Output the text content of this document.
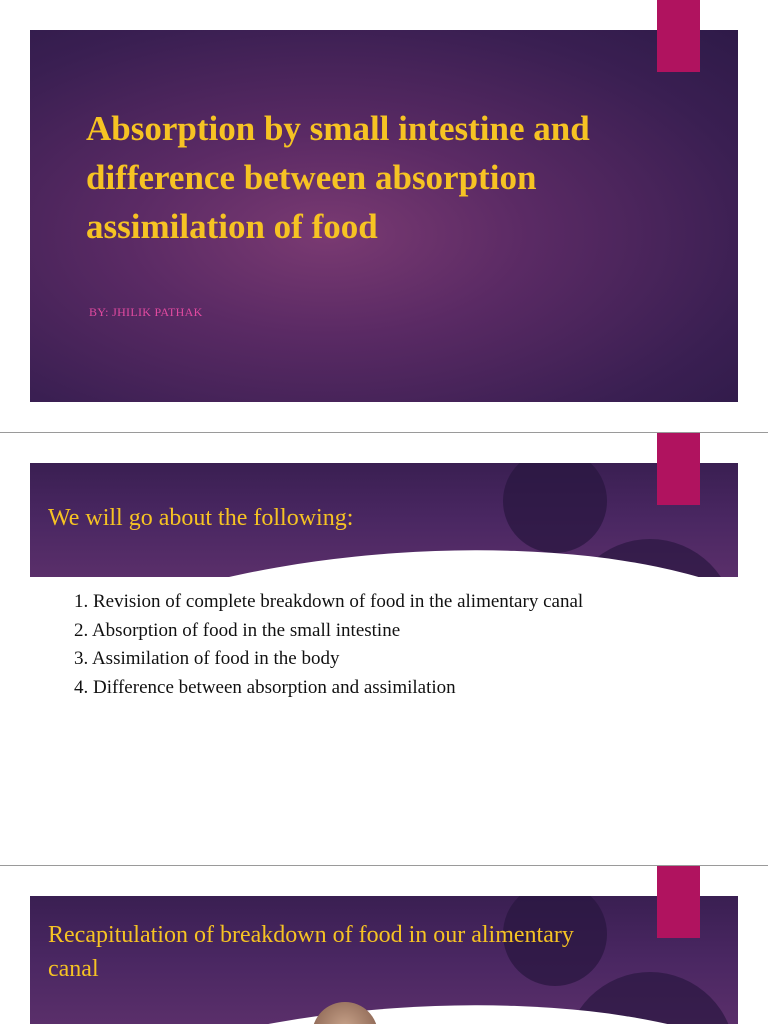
Absorption by small intestine and difference between absorption assimilation of food
BY: JHILIK PATHAK
We will go about the following:
1. Revision of complete breakdown of food in the alimentary canal
2. Absorption of food in the small intestine
3. Assimilation of food in the body
4. Difference between absorption and assimilation
Recapitulation of breakdown of food in our alimentary canal
